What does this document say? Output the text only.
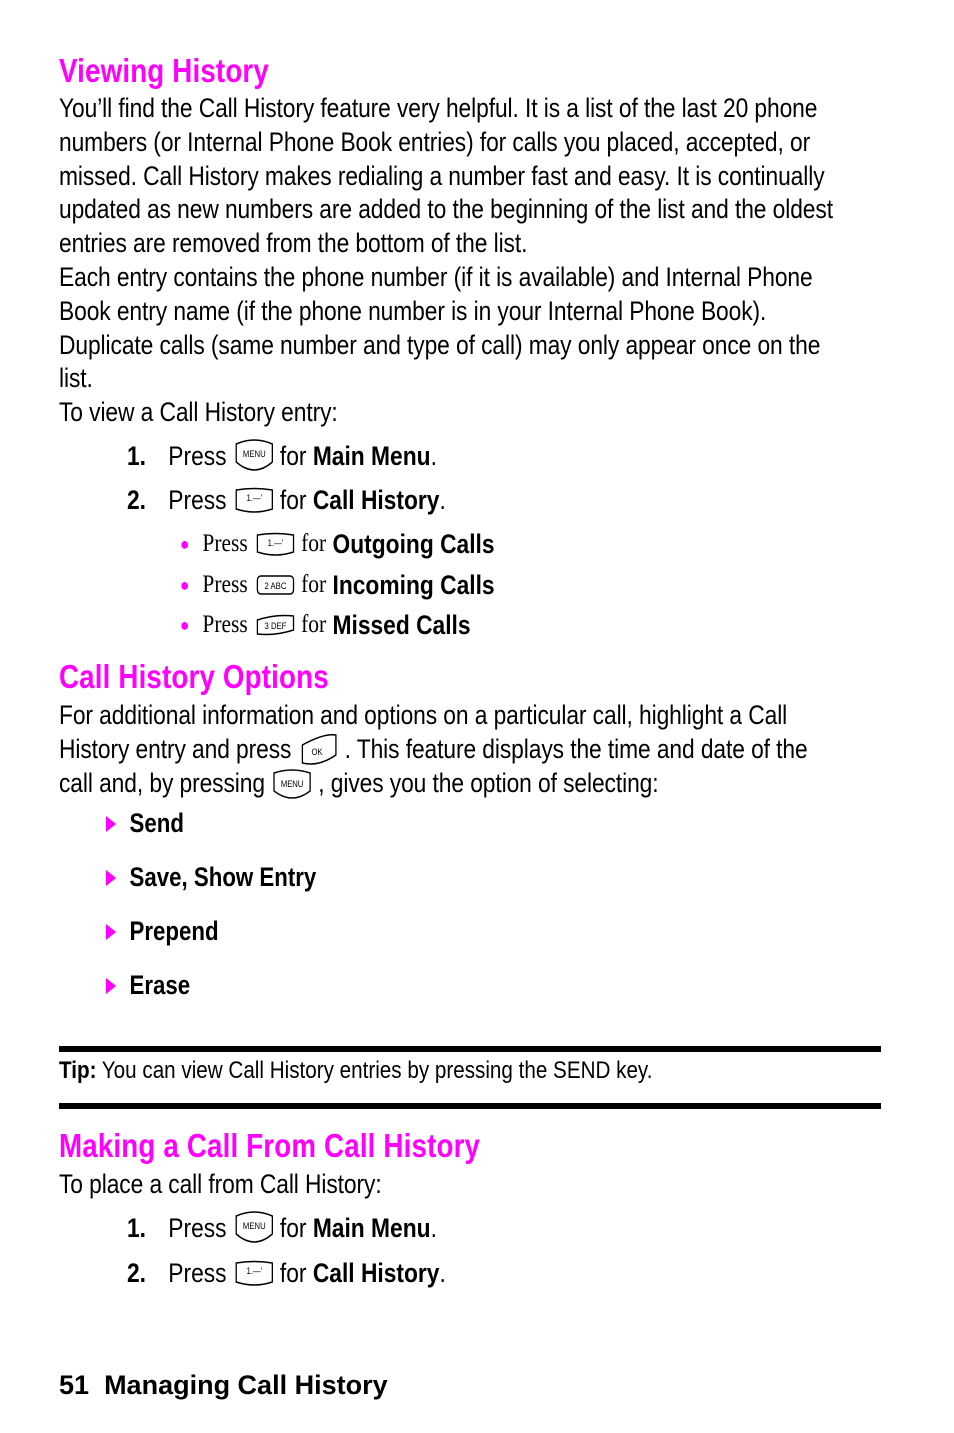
Viewing History
You’ll find the Call History feature very helpful. It is a list of the last 20 phone
numbers (or Internal Phone Book entries) for calls you placed, accepted, or
missed. Call History makes redialing a number fast and easy. It is continually
updated as new numbers are added to the beginning of the list and the oldest
entries are removed from the bottom of the list.
Each entry contains the phone number (if it is available) and Internal Phone
Book entry name (if the phone number is in your Internal Phone Book).
Duplicate calls (same number and type of call) may only appear once on the
list.
To view a Call History entry:
1. Press MENU for
Main Menu .
2. Press 1.—' for
Call History .
● Press 1.—' for
Outgoing Calls
● Press 2 ABC for
Incoming Calls
● Press 3 DEF for
Missed Calls
Call History Options
For additional information and options on a particular call, highlight a Call
History entry and press OK . This feature displays the time and date of the
call and, by pressing MENU , gives you the option of selecting:
Send
Save, Show Entry
Prepend
Erase
Tip: You can view Call History entries by pressing the SEND key.
Making a Call From Call History
To place a call from Call History:
1. Press MENU for
Main Menu .
2. Press 1.—' for
Call History .
51 Managing Call History
